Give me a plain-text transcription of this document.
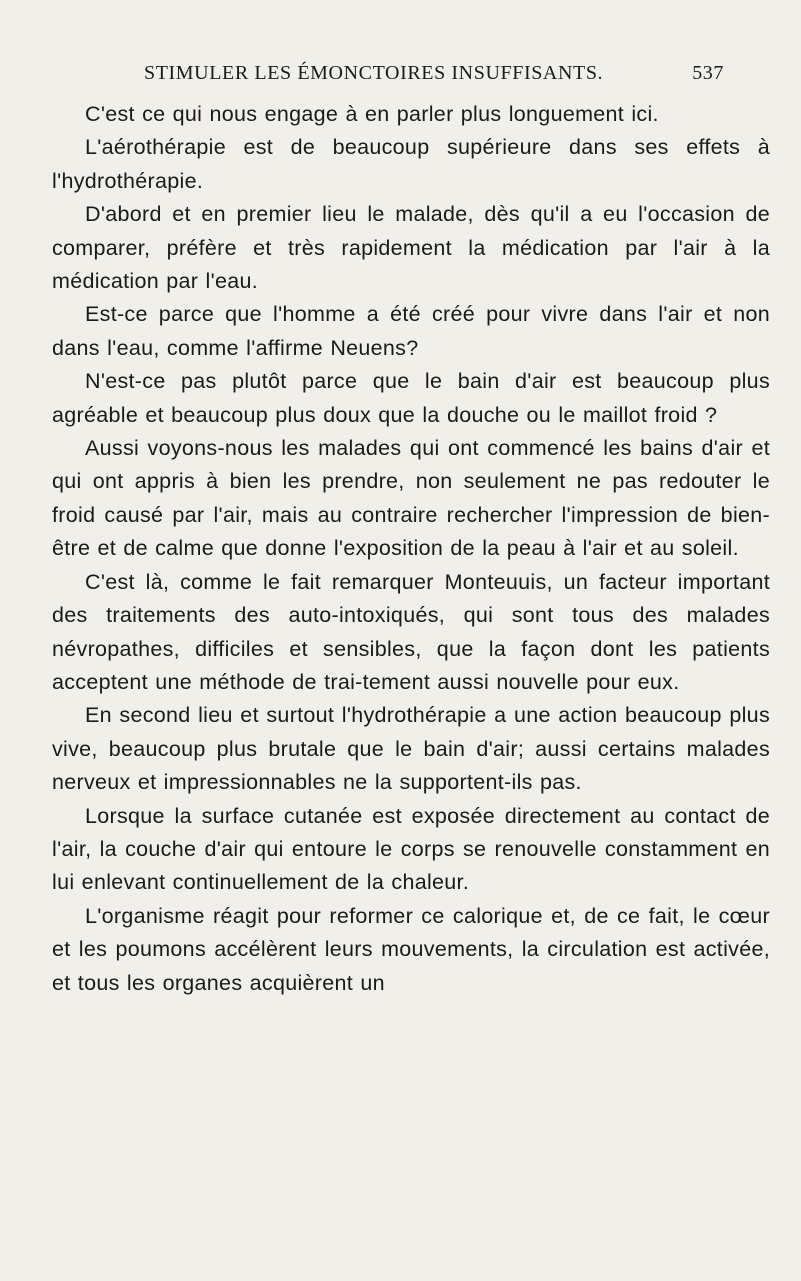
STIMULER LES ÉMONCTOIRES INSUFFISANTS.	537

C'est ce qui nous engage à en parler plus longuement ici.

L'aérothérapie est de beaucoup supérieure dans ses effets à l'hydrothérapie.

D'abord et en premier lieu le malade, dès qu'il a eu l'occasion de comparer, préfère et très rapidement la médication par l'air à la médication par l'eau.

Est-ce parce que l'homme a été créé pour vivre dans l'air et non dans l'eau, comme l'affirme Neuens?

N'est-ce pas plutôt parce que le bain d'air est beaucoup plus agréable et beaucoup plus doux que la douche ou le maillot froid ?

Aussi voyons-nous les malades qui ont commencé les bains d'air et qui ont appris à bien les prendre, non seulement ne pas redouter le froid causé par l'air, mais au contraire rechercher l'impression de bien-être et de calme que donne l'exposition de la peau à l'air et au soleil.

C'est là, comme le fait remarquer Monteuuis, un facteur important des traitements des auto-intoxiqués, qui sont tous des malades névropathes, difficiles et sensibles, que la façon dont les patients acceptent une méthode de trai-tement aussi nouvelle pour eux.

En second lieu et surtout l'hydrothérapie a une action beaucoup plus vive, beaucoup plus brutale que le bain d'air; aussi certains malades nerveux et impressionnables ne la supportent-ils pas.

Lorsque la surface cutanée est exposée directement au contact de l'air, la couche d'air qui entoure le corps se renouvelle constamment en lui enlevant continuellement de la chaleur.

L'organisme réagit pour reformer ce calorique et, de ce fait, le cœur et les poumons accélèrent leurs mouvements, la circulation est activée, et tous les organes acquièrent un
